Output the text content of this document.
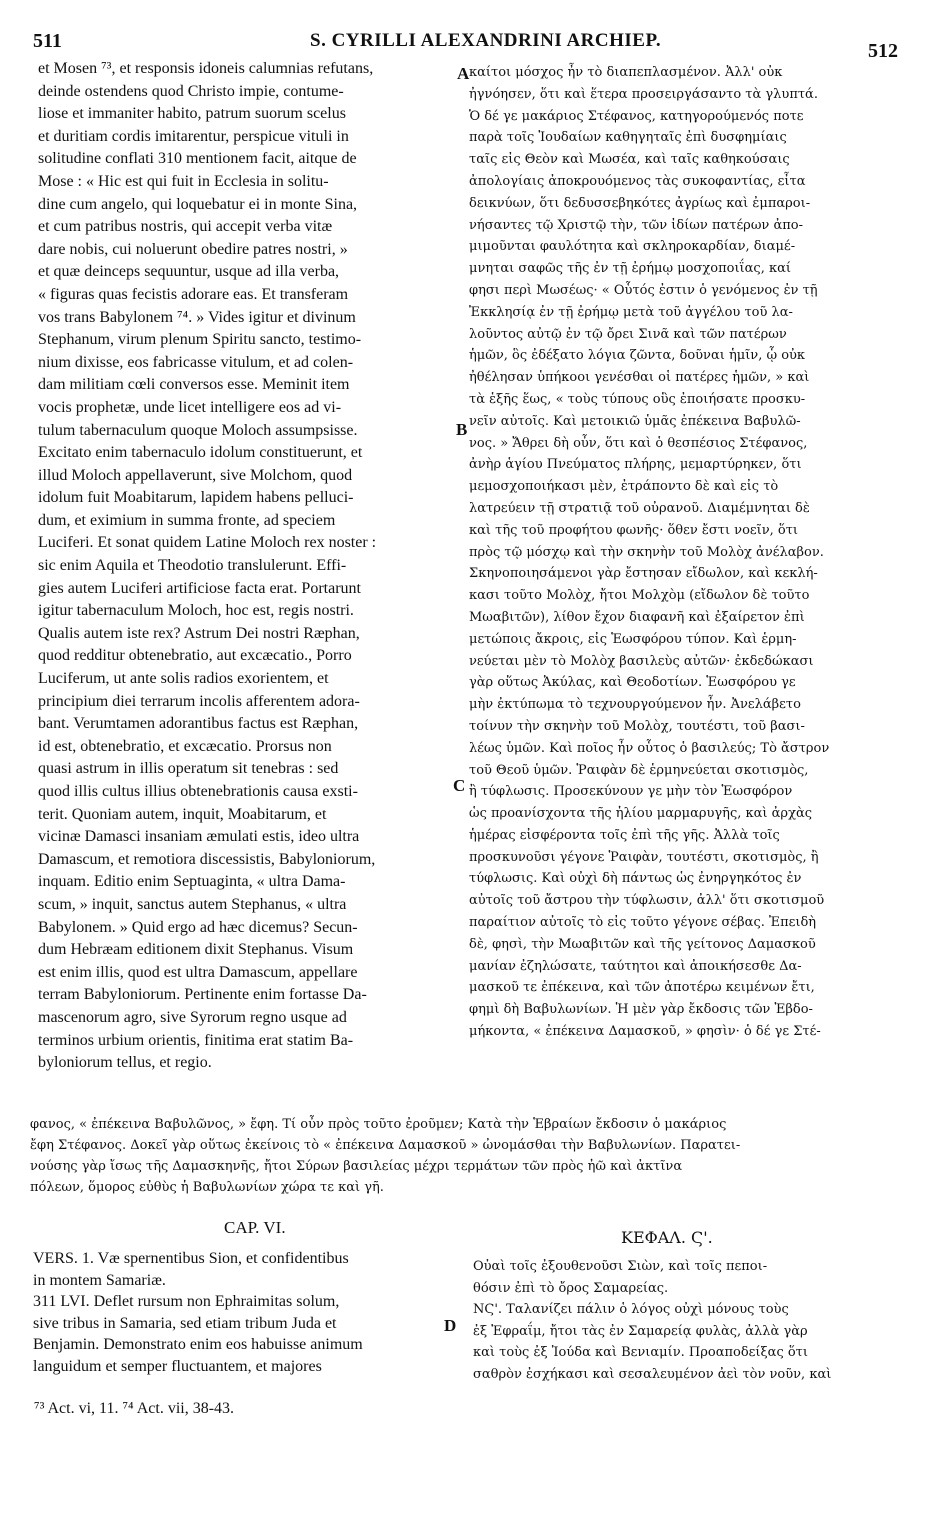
511	S. CYRILLI ALEXANDRINI ARCHIEP.	512

et Mosen ⁷³, et responsis idoneis calumnias refutans,

deinde ostendens quod Christo impie, contume-

liose et immaniter habito, patrum suorum scelus

et duritiam cordis imitarentur, perspicue vituli in

solitudine conflati 310 mentionem facit, aitque de

Mose : « Hic est qui fuit in Ecclesia in solitu-

dine cum angelo, qui loquebatur ei in monte Sina,

et cum patribus nostris, qui accepit verba vitæ

dare nobis, cui noluerunt obedire patres nostri, »

et quæ deinceps sequuntur, usque ad illa verba,

« figuras quas fecistis adorare eas. Et transferam

vos trans Babylonem ⁷⁴. » Vides igitur et divinum

Stephanum, virum plenum Spiritu sancto, testimo-

nium dixisse, eos fabricasse vitulum, et ad colen-

dam militiam cœli conversos esse. Meminit item

vocis prophetæ, unde licet intelligere eos ad vi-

tulum tabernaculum quoque Moloch assumpsisse.

Excitato enim tabernaculo idolum constituerunt, et

illud Moloch appellaverunt, sive Molchom, quod

idolum fuit Moabitarum, lapidem habens pelluci-

dum, et eximium in summa fronte, ad speciem

Luciferi. Et sonat quidem Latine Moloch rex noster :

sic enim Aquila et Theodotio translulerunt. Effi-

gies autem Luciferi artificiose facta erat. Portarunt

igitur tabernaculum Moloch, hoc est, regis nostri.

Qualis autem iste rex? Astrum Dei nostri Ræphan,

quod redditur obtenebratio, aut excæcatio., Porro

Luciferum, ut ante solis radios exorientem, et

principium diei terrarum incolis afferentem adora-

bant. Verumtamen adorantibus factus est Ræphan,

id est, obtenebratio, et excæcatio. Prorsus non

quasi astrum in illis operatum sit tenebras : sed

quod illis cultus illius obtenebrationis causa exsti-

terit. Quoniam autem, inquit, Moabitarum, et

vicinæ Damasci insaniam æmulati estis, ideo ultra

Damascum, et remotiora discessistis, Babyloniorum,

inquam. Editio enim Septuaginta, « ultra Dama-

scum, » inquit, sanctus autem Stephanus, « ultra

Babylonem. » Quid ergo ad hæc dicemus? Secun-

dum Hebræam editionem dixit Stephanus. Visum

est enim illis, quod est ultra Damascum, appellare

terram Babyloniorum. Pertinente enim fortasse Da-

mascenorum agro, sive Syrorum regno usque ad

terminos urbium orientis, finitima erat statim Ba-

byloniorum tellus, et regio.

καίτοι μόσχος ἦν τὸ διαπεπλασμένον. Ἀλλ' οὐκ

ἠγνόησεν, ὅτι καὶ ἕτερα προσειργάσαντο τὰ γλυπτά.

Ὁ δέ γε μακάριος Στέφανος, κατηγορούμενός ποτε

παρὰ τοῖς Ἰουδαίων καθηγηταῖς ἐπὶ δυσφημίαις

ταῖς εἰς Θεὸν καὶ Μωσέα, καὶ ταῖς καθηκούσαις

ἀπολογίαις ἀποκρουόμενος τὰς συκοφαντίας, εἶτα

δεικνύων, ὅτι δεδυσσεβηκότες ἀγρίως καὶ ἐμπαροι-

νήσαντες τῷ Χριστῷ τὴν, τῶν ἰδίων πατέρων ἀπο-

μιμοῦνται φαυλότητα καὶ σκληροκαρδίαν, διαμέ-

μνηται σαφῶς τῆς ἐν τῇ ἐρήμῳ μοσχοποιΐας, καί

φησι περὶ Μωσέως· « Οὗτός ἐστιν ὁ γενόμενος ἐν τῇ

Ἐκκλησίᾳ ἐν τῇ ἐρήμῳ μετὰ τοῦ ἀγγέλου τοῦ λα-

λοῦντος αὐτῷ ἐν τῷ ὄρει Σινᾶ καὶ τῶν πατέρων

ἡμῶν, ὃς ἐδέξατο λόγια ζῶντα, δοῦναι ἡμῖν, ᾧ οὐκ

ἠθέλησαν ὑπήκοοι γενέσθαι οἱ πατέρες ἡμῶν, » καὶ

τὰ ἑξῆς ἕως, « τοὺς τύπους οὓς ἐποιήσατε προσκυ-

νεῖν αὐτοῖς. Καὶ μετοικιῶ ὑμᾶς ἐπέκεινα Βαβυλῶ-

νος. » Ἄθρει δὴ οὖν, ὅτι καὶ ὁ θεσπέσιος Στέφανος,

ἀνὴρ ἁγίου Πνεύματος πλήρης, μεμαρτύρηκεν, ὅτι

μεμοσχοποιήκασι μὲν, ἐτράποντο δὲ καὶ εἰς τὸ

λατρεύειν τῇ στρατιᾷ τοῦ οὐρανοῦ. Διαμέμνηται δὲ

καὶ τῆς τοῦ προφήτου φωνῆς· ὅθεν ἔστι νοεῖν, ὅτι

πρὸς τῷ μόσχῳ καὶ τὴν σκηνὴν τοῦ Μολὸχ ἀνέλαβον.

Σκηνοποιησάμενοι γὰρ ἔστησαν εἴδωλον, καὶ κεκλή-

κασι τοῦτο Μολὸχ, ἤτοι Μολχὸμ (εἴδωλον δὲ τοῦτο

Μωαβιτῶν), λίθον ἔχον διαφανῆ καὶ ἐξαίρετον ἐπὶ

μετώποις ἄκροις, εἰς Ἑωσφόρου τύπον. Καὶ ἑρμη-

νεύεται μὲν τὸ Μολὸχ βασιλεὺς αὐτῶν· ἐκδεδώκασι

γὰρ οὕτως Ἀκύλας, καὶ Θεοδοτίων. Ἑωσφόρου γε

μὴν ἐκτύπωμα τὸ τεχνουργούμενον ἦν. Ἀνελάβετο

τοίνυν τὴν σκηνὴν τοῦ Μολὸχ, τουτέστι, τοῦ βασι-

λέως ὑμῶν. Καὶ ποῖος ἦν οὗτος ὁ βασιλεύς; Τὸ ἄστρον

τοῦ Θεοῦ ὑμῶν. Ῥαιφὰν δὲ ἑρμηνεύεται σκοτισμὸς,

ἢ τύφλωσις. Προσεκύνουν γε μὴν τὸν Ἑωσφόρον

ὡς προανίσχοντα τῆς ἡλίου μαρμαρυγῆς, καὶ ἀρχὰς

ἡμέρας εἰσφέροντα τοῖς ἐπὶ τῆς γῆς. Ἀλλὰ τοῖς

προσκυνοῦσι γέγονε Ῥαιφὰν, τουτέστι, σκοτισμὸς, ἢ

τύφλωσις. Καὶ οὐχὶ δὴ πάντως ὡς ἐνηργηκότος ἐν

αὐτοῖς τοῦ ἄστρου τὴν τύφλωσιν, ἀλλ' ὅτι σκοτισμοῦ

παραίτιον αὐτοῖς τὸ εἰς τοῦτο γέγονε σέβας. Ἐπειδὴ

δὲ, φησὶ, τὴν Μωαβιτῶν καὶ τῆς γείτονος Δαμασκοῦ

μανίαν ἐζηλώσατε, ταύτητοι καὶ ἀποικήσεσθε Δα-

μασκοῦ τε ἐπέκεινα, καὶ τῶν ἀποτέρω κειμένων ἔτι,

φημὶ δὴ Βαβυλωνίων. Ἡ μὲν γὰρ ἔκδοσις τῶν Ἑβδο-

μήκοντα, « ἐπέκεινα Δαμασκοῦ, » φησὶν· ὁ δέ γε Στέ-

A
B
C
D

φανος, « ἐπέκεινα Βαβυλῶνος, » ἔφη. Τί οὖν πρὸς τοῦτο ἐροῦμεν; Κατὰ τὴν Ἑβραίων ἔκδοσιν ὁ μακάριος

ἔφη Στέφανος. Δοκεῖ γὰρ οὕτως ἐκείνοις τὸ « ἐπέκεινα Δαμασκοῦ » ὠνομάσθαι τὴν Βαβυλωνίων. Παρατει-

νούσης γὰρ ἴσως τῆς Δαμασκηνῆς, ἤτοι Σύρων βασιλείας μέχρι τερμάτων τῶν πρὸς ἠῶ καὶ ἀκτῖνα

πόλεων, ὅμορος εὐθὺς ἡ Βαβυλωνίων χώρα τε καὶ γῆ.

CAP. VI.
ΚΕΦΑΛ. Ϛ'.

VERS. 1. Væ spernentibus Sion, et confidentibus

in montem Samariæ.

311 LVI. Deflet rursum non Ephraimitas solum,

sive tribus in Samaria, sed etiam tribum Juda et

Benjamin. Demonstrato enim eos habuisse animum

languidum et semper fluctuantem, et majores

Οὐαὶ τοῖς ἐξουθενοῦσι Σιὼν, καὶ τοῖς πεποι-

θόσιν ἐπὶ τὸ ὄρος Σαμαρείας.

ΝϚ'. Ταλανίζει πάλιν ὁ λόγος οὐχὶ μόνους τοὺς

ἐξ Ἐφραΐμ, ἤτοι τὰς ἐν Σαμαρείᾳ φυλὰς, ἀλλὰ γὰρ

καὶ τοὺς ἐξ Ἰούδα καὶ Βενιαμίν. Προαποδείξας ὅτι

σαθρὸν ἐσχήκασι καὶ σεσαλευμένον ἀεὶ τὸν νοῦν, καὶ

⁷³ Act. vi, 11. ⁷⁴ Act. vii, 38-43.
